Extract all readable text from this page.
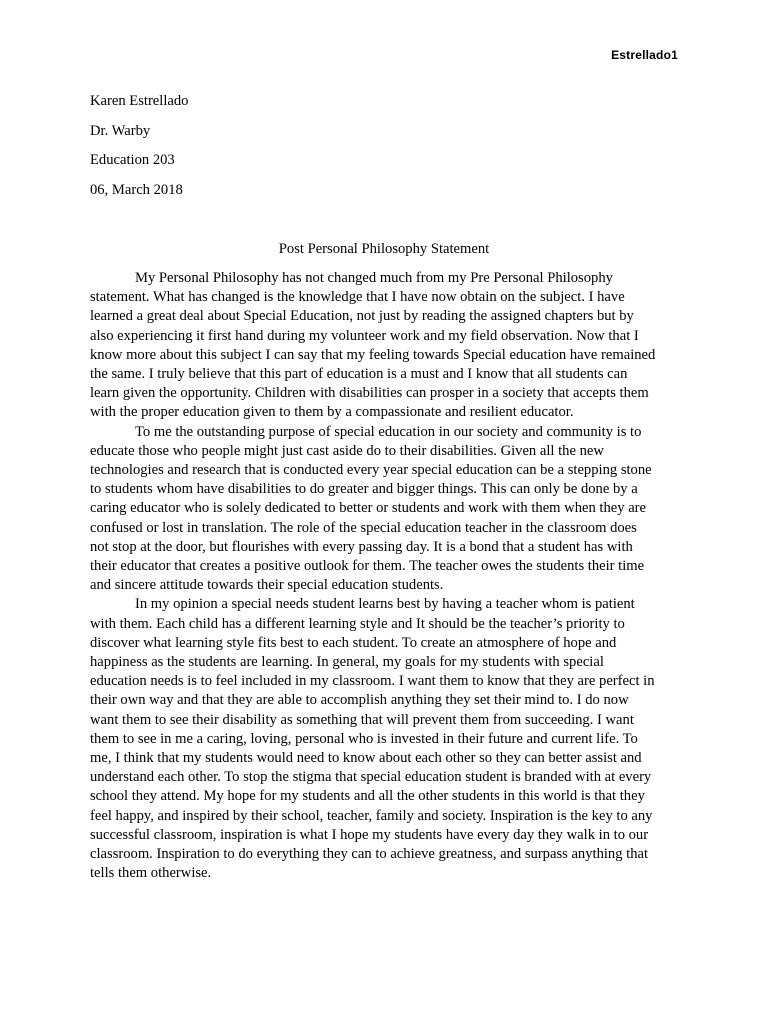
Estrellado1
Karen Estrellado
Dr. Warby
Education 203
06, March 2018
Post Personal Philosophy Statement

My Personal Philosophy has not changed much from my Pre Personal Philosophy
statement. What has changed is the knowledge that I have now obtain on the subject. I have
learned a great deal about Special Education, not just by reading the assigned chapters but by
also experiencing it first hand during my volunteer work and my field observation. Now that I
know more about this subject I can say that my feeling towards Special education have remained
the same. I truly believe that this part of education is a must and I know that all students can
learn given the opportunity. Children with disabilities can prosper in a society that accepts them
with the proper education given to them by a compassionate and resilient educator.

To me the outstanding purpose of special education in our society and community is to
educate those who people might just cast aside do to their disabilities. Given all the new
technologies and research that is conducted every year special education can be a stepping stone
to students whom have disabilities to do greater and bigger things. This can only be done by a
caring educator who is solely dedicated to better or students and work with them when they are
confused or lost in translation. The role of the special education teacher in the classroom does
not stop at the door, but flourishes with every passing day. It is a bond that a student has with
their educator that creates a positive outlook for them. The teacher owes the students their time
and sincere attitude towards their special education students.

In my opinion a special needs student learns best by having a teacher whom is patient
with them. Each child has a different learning style and It should be the teacher’s priority to
discover what learning style fits best to each student. To create an atmosphere of hope and
happiness as the students are learning. In general, my goals for my students with special
education needs is to feel included in my classroom. I want them to know that they are perfect in
their own way and that they are able to accomplish anything they set their mind to. I do now
want them to see their disability as something that will prevent them from succeeding. I want
them to see in me a caring, loving, personal who is invested in their future and current life. To
me, I think that my students would need to know about each other so they can better assist and
understand each other. To stop the stigma that special education student is branded with at every
school they attend. My hope for my students and all the other students in this world is that they
feel happy, and inspired by their school, teacher, family and society. Inspiration is the key to any
successful classroom, inspiration is what I hope my students have every day they walk in to our
classroom. Inspiration to do everything they can to achieve greatness, and surpass anything that
tells them otherwise.
